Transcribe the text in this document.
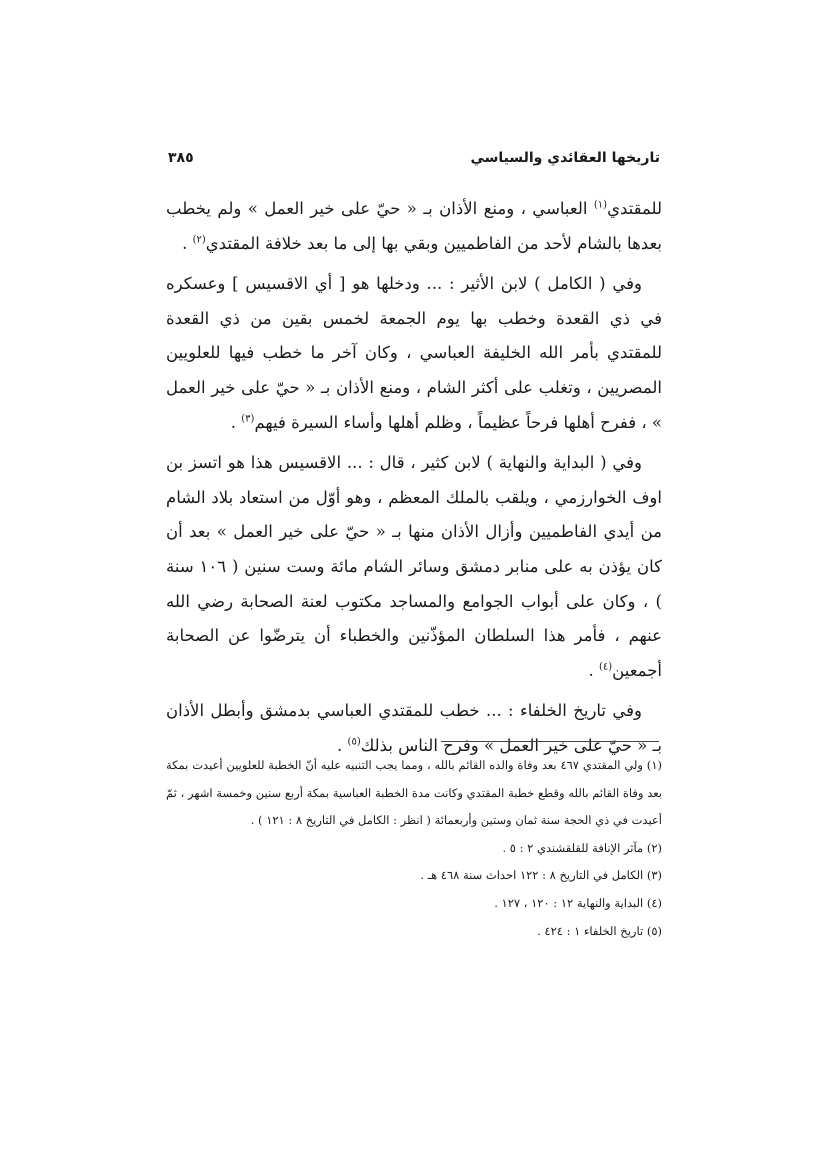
تاريخها العقائدي والسياسي
٣٨٥

للمقتدي$^{(١)}$ العباسي ، ومنع الأذان بـ « حيّ على خير العمل » ولم يخطب بعدها بالشام لأحد من الفاطميين وبقي بها إلى ما بعد خلافة المقتدي$^{(٢)}$ .

وفي ( الكامل ) لابن الأثير : ... ودخلها هو [ أي الاقسيس ] وعسكره في ذي القعدة وخطب بها يوم الجمعة لخمس بقين من ذي القعدة للمقتدي بأمر الله الخليفة العباسي ، وكان آخر ما خطب فيها للعلويين المصريين ، وتغلب على أكثر الشام ، ومنع الأذان بـ « حيّ على خير العمل » ، ففرح أهلها فرحاً عظيماً ، وظلم أهلها وأساء السيرة فيهم$^{(٣)}$ .

وفي ( البداية والنهاية ) لابن كثير ، قال : ... الاقسيس هذا هو اتسز بن اوف الخوارزمي ، ويلقب بالملك المعظم ، وهو أوّل من استعاد بلاد الشام من أيدي الفاطميين وأزال الأذان منها بـ « حيّ على خير العمل » بعد أن كان يؤذن به على منابر دمشق وسائر الشام مائة وست سنين ( ١٠٦ سنة ) ، وكان على أبواب الجوامع والمساجد مكتوب لعنة الصحابة رضي الله عنهم ، فأمر هذا السلطان المؤذّنين والخطباء أن يترضّوا عن الصحابة أجمعين$^{(٤)}$ .

وفي تاريخ الخلفاء : ... خطب للمقتدي العباسي بدمشق وأبطل الأذان بـ « حيّ على خير العمل » وفرح الناس بذلك$^{(٥)}$ .

(١) ولي المقتدي ٤٦٧ بعد وفاة والده القائم بالله ، ومما يجب التنبيه عليه أنّ الخطبة للعلويين أعيدت بمكة بعد وفاة القائم بالله وقطع خطبة المقتدي وكانت مدة الخطبة العباسية بمكة أربع سنين وخمسة اشهر ، ثمّ أعيدت في ذي الحجة سنة ثمان وستين وأربعمائة ( انظر : الكامل في التاريخ ٨ : ١٢١ ) .

(٢) مآثر الإنافة للقلقشندي ٢ : ٥ .

(٣) الكامل في التاريخ ٨ : ١٢٢ احداث سنة ٤٦٨ هـ .

(٤) البداية والنهاية ١٢ : ١٢٠ ، ١٢٧ .

(٥) تاريخ الخلفاء ١ : ٤٢٤ .
